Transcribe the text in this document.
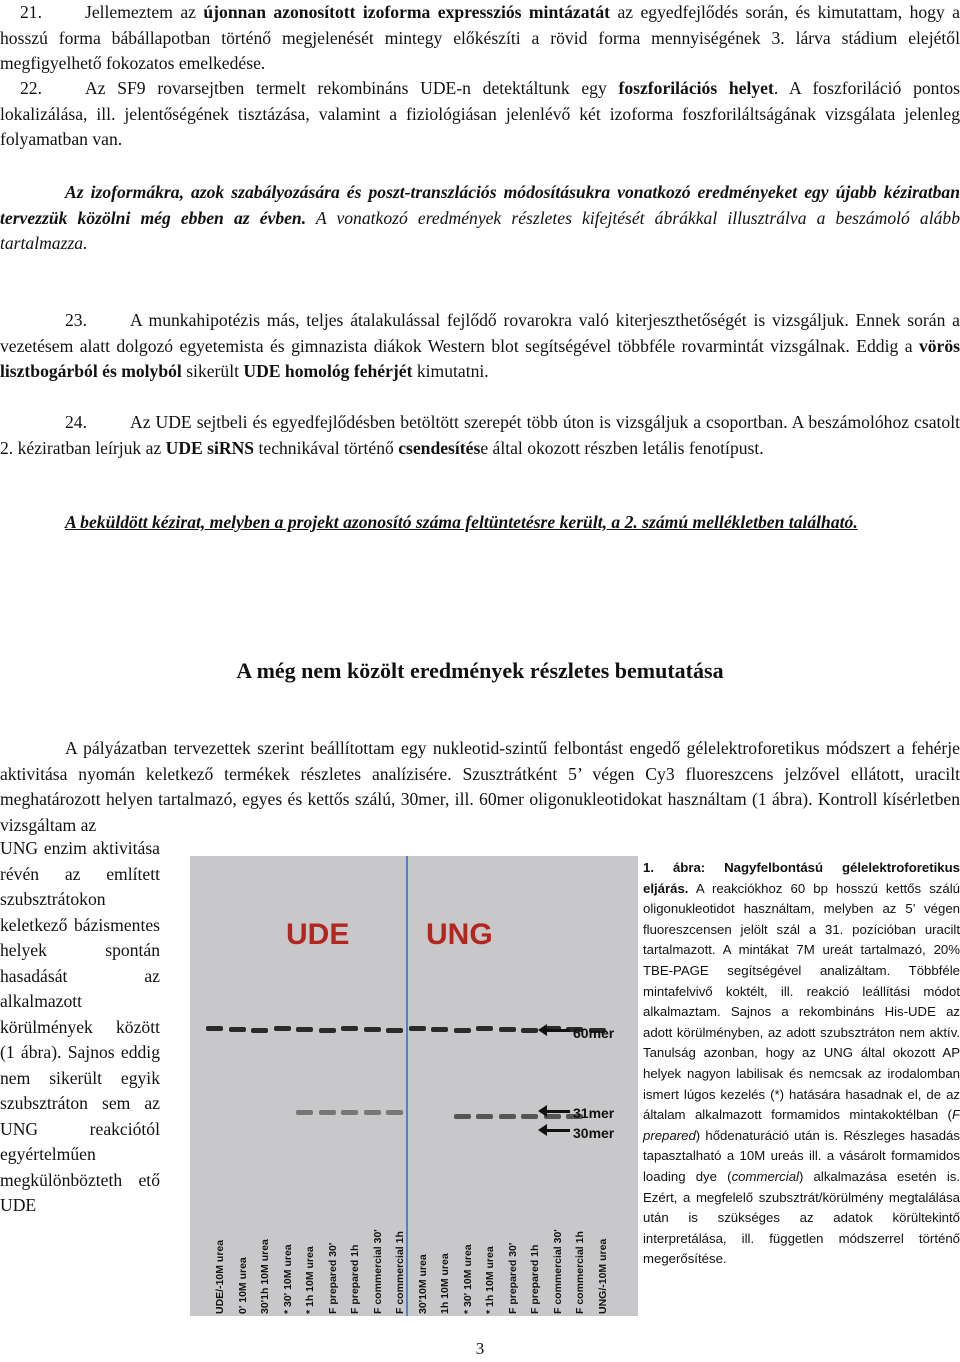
21. Jellemeztem az újonnan azonosított izoforma expressziós mintázatát az egyedfejlődés során, és kimutattam, hogy a hosszú forma bábállapotban történő megjelenését mintegy előkészíti a rövid forma mennyiségének 3. lárva stádium elejétől megfigyelhető fokozatos emelkedése.

22. Az SF9 rovarsejtben termelt rekombináns UDE-n detektáltunk egy foszforilációs helyet. A foszforiláció pontos lokalizálása, ill. jelentőségének tisztázása, valamint a fiziológiásan jelenlévő két izoforma foszforiláltságának vizsgálata jelenleg folyamatban van.

Az izoformákra, azok szabályozására és poszt-transzlációs módosításukra vonatkozó eredményeket egy újabb kéziratban tervezzük közölni még ebben az évben. A vonatkozó eredmények részletes kifejtését ábrákkal illusztrálva a beszámoló alább tartalmazza.

23. A munkahipotézis más, teljes átalakulással fejlődő rovarokra való kiterjeszthetőségét is vizsgáljuk. Ennek során a vezetésem alatt dolgozó egyetemista és gimnazista diákok Western blot segítségével többféle rovarmintát vizsgálnak. Eddig a vörös lisztbogárból és molyból sikerült UDE homológ fehérjét kimutatni.

24. Az UDE sejtbeli és egyedfejlődésben betöltött szerepét több úton is vizsgáljuk a csoportban. A beszámolóhoz csatolt 2. kéziratban leírjuk az UDE siRNS technikával történő csendesítése által okozott részben letális fenotípust.

A beküldött kézirat, melyben a projekt azonosító száma feltüntetésre került, a 2. számú mellékletben található.

A még nem közölt eredmények részletes bemutatása

A pályázatban tervezettek szerint beállítottam egy nukleotid-szintű felbontást engedő gélelektroforetikus módszert a fehérje aktivitása nyomán keletkező termékek részletes analízisére. Szusztrátként 5’ végen Cy3 fluoreszcens jelzővel ellátott, uracilt meghatározott helyen tartalmazó, egyes és kettős szálú, 30mer, ill. 60mer oligonukleotidokat használtam (1 ábra). Kontroll kísérletben vizsgáltam az

UNG enzim aktivitása révén az említett szubsztrátokon keletkező bázismentes helyek spontán hasadását az alkalmazott körülmények között (1 ábra). Sajnos eddig nem sikerült egyik szubsztráton sem az UNG reakciótól egyértelműen megkülönbözteth ető UDE
UDE	UNG
UDE/-10M urea	0' 10M urea	30'1h 10M urea	* 30' 10M urea	* 1h 10M urea	F prepared 30'	F prepared 1h	F commercial 30'	F commercial 1h	30'10M urea	1h 10M urea	* 30' 10M urea	* 1h 10M urea	F prepared 30'	F prepared 1h	F commercial 30'	F commercial 1h	UNG/-10M urea
60mer
31mer
30mer
1. ábra: Nagyfelbontású gélelektroforetikus eljárás. A reakciókhoz 60 bp hosszú kettős szálú oligonukleotidot használtam, melyben az 5’ végen fluoreszcensen jelölt szál a 31. pozícióban uracilt tartalmazott. A mintákat 7M ureát tartalmazó, 20% TBE-PAGE segítségével analizáltam. Többféle mintafelvivő koktélt, ill. reakció leállítási módot alkalmaztam. Sajnos a rekombináns His-UDE az adott körülményben, az adott szubsztráton nem aktív. Tanulság azonban, hogy az UNG által okozott AP helyek nagyon labilisak és nemcsak az irodalomban ismert lúgos kezelés (*) hatására hasadnak el, de az általam alkalmazott formamidos mintakoktélban (F prepared) hődenaturáció után is. Részleges hasadás tapasztalható a 10M ureás ill. a vásárolt formamidos loading dye (commercial) alkalmazása esetén is. Ezért, a megfelelő szubsztrát/körülmény megtalálása után is szükséges az adatok körültekintő interpretálása, ill. független módszerrel történő megerősítése.
3
